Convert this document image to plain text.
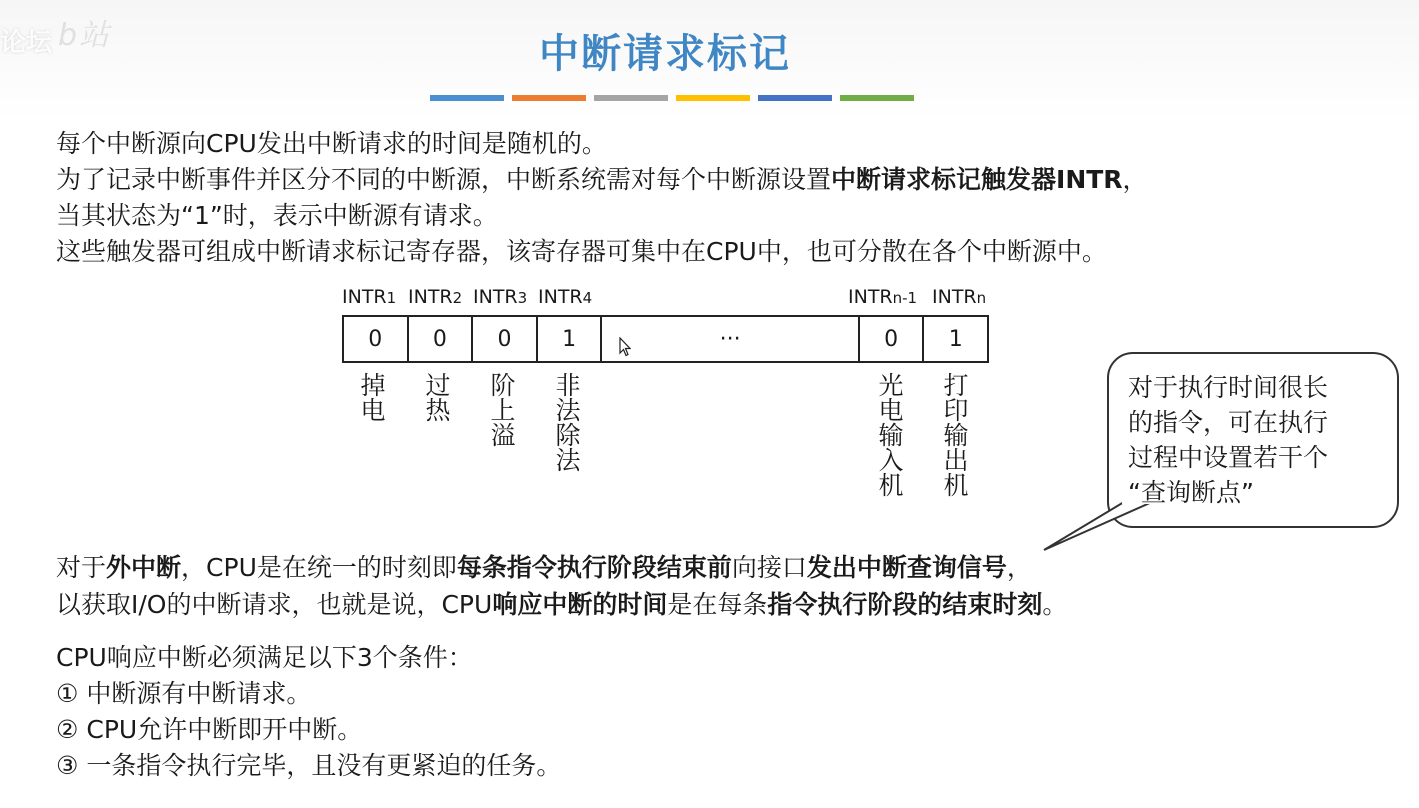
论坛 b站	中断请求标记
每个中断源向CPU发出中断请求的时间是随机的。
为了记录中断事件并区分不同的中断源，中断系统需对每个中断源设置中断请求标记触发器INTR，
当其状态为“1”时，表示中断源有请求。
这些触发器可组成中断请求标记寄存器，该寄存器可集中在CPU中，也可分散在各个中断源中。
INTR1 INTR2 INTR3 INTR4	INTRn-1 INTRn
0	0	0	1	···	0	1
掉电 过热 阶上溢 非法除法	光电输入机 打印输出机	对于执行时间很长
的指令，可在执行
过程中设置若干个
“查询断点”
对于外中断，CPU是在统一的时刻即每条指令执行阶段结束前向接口发出中断查询信号，
以获取I/O的中断请求，也就是说，CPU响应中断的时间是在每条指令执行阶段的结束时刻。
CPU响应中断必须满足以下3个条件：
① 中断源有中断请求。
② CPU允许中断即开中断。
③ 一条指令执行完毕，且没有更紧迫的任务。
